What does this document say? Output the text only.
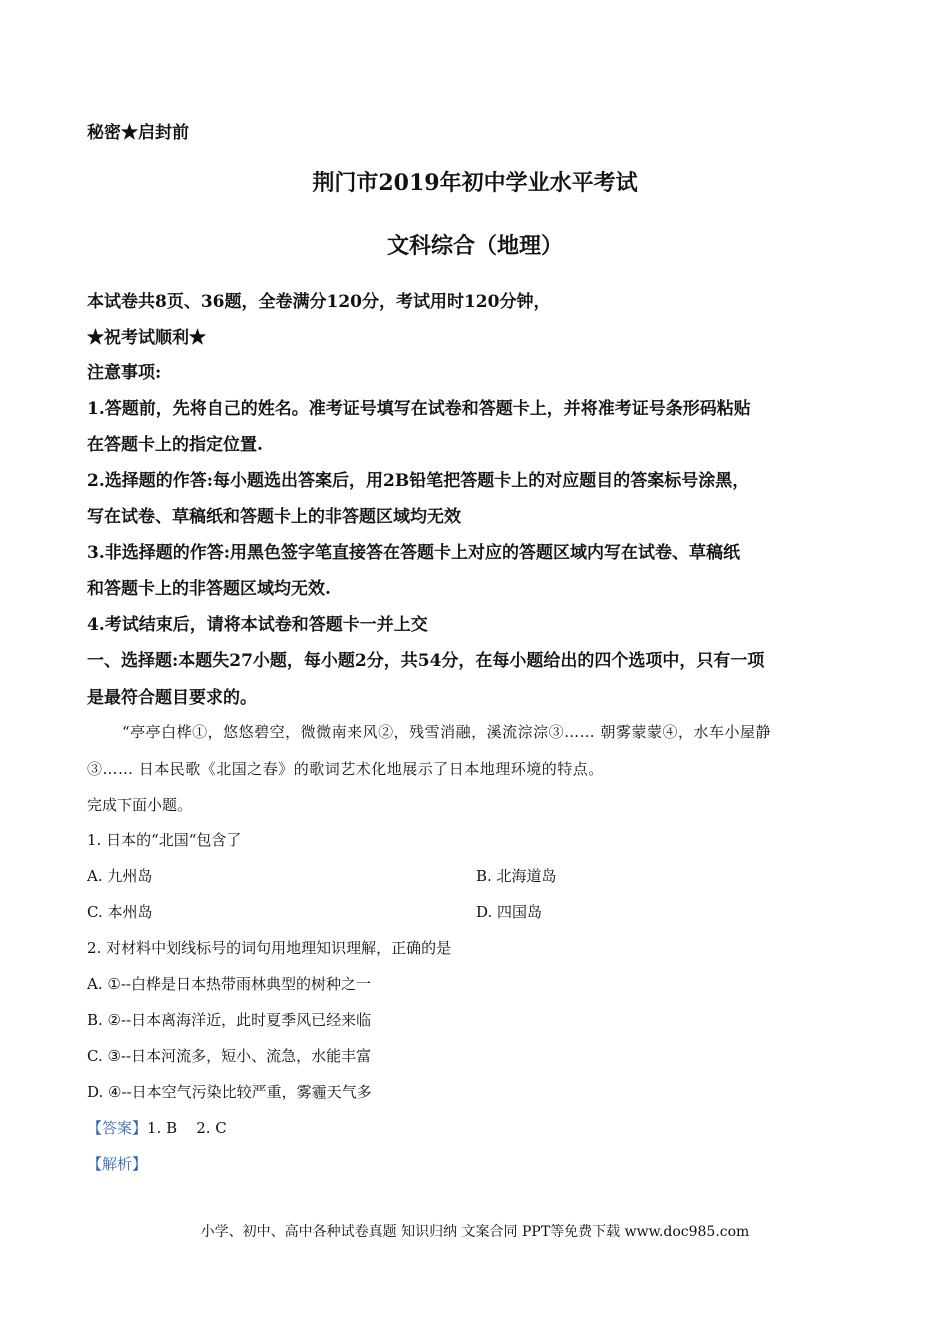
秘密★启封前
荆门市2019年初中学业水平考试
文科综合（地理）
本试卷共8页、36题，全卷满分120分，考试用时120分钟，
★祝考试顺利★
注意事项:
1.答题前，先将自己的姓名。准考证号填写在试卷和答题卡上，并将准考证号条形码粘贴
在答题卡上的指定位置.
2.选择题的作答:每小题选出答案后，用2B铅笔把答题卡上的对应题目的答案标号涂黑，
写在试卷、草稿纸和答题卡上的非答题区域均无效
3.非选择题的作答:用黑色签字笔直接答在答题卡上对应的答题区域内写在试卷、草稿纸
和答题卡上的非答题区域均无效.
4.考试结束后，请将本试卷和答题卡一并上交
一、选择题:本题失27小题，每小题2分，共54分，在每小题给出的四个选项中，只有一项
是最符合题目要求的。
“亭亭白桦①，悠悠碧空，微微南来风②，残雪消融，溪流淙淙③…… 朝雾蒙蒙④，水车小屋静
③…… 日本民歌《北国之春》的歌词艺术化地展示了日本地理环境的特点。
完成下面小题。
1. 日本的“北国“包含了
A. 九州岛	B. 北海道岛
C. 本州岛	D. 四国岛
2. 对材料中划线标号的词句用地理知识理解，正确的是
A. ①--白桦是日本热带雨林典型的树种之一
B. ②--日本离海洋近，此时夏季风已经来临
C. ③--日本河流多，短小、流急，水能丰富
D. ④--日本空气污染比较严重，雾霾天气多
【答案】1. B    2. C
【解析】
小学、初中、高中各种试卷真题 知识归纳 文案合同 PPT等免费下载 www.doc985.com
